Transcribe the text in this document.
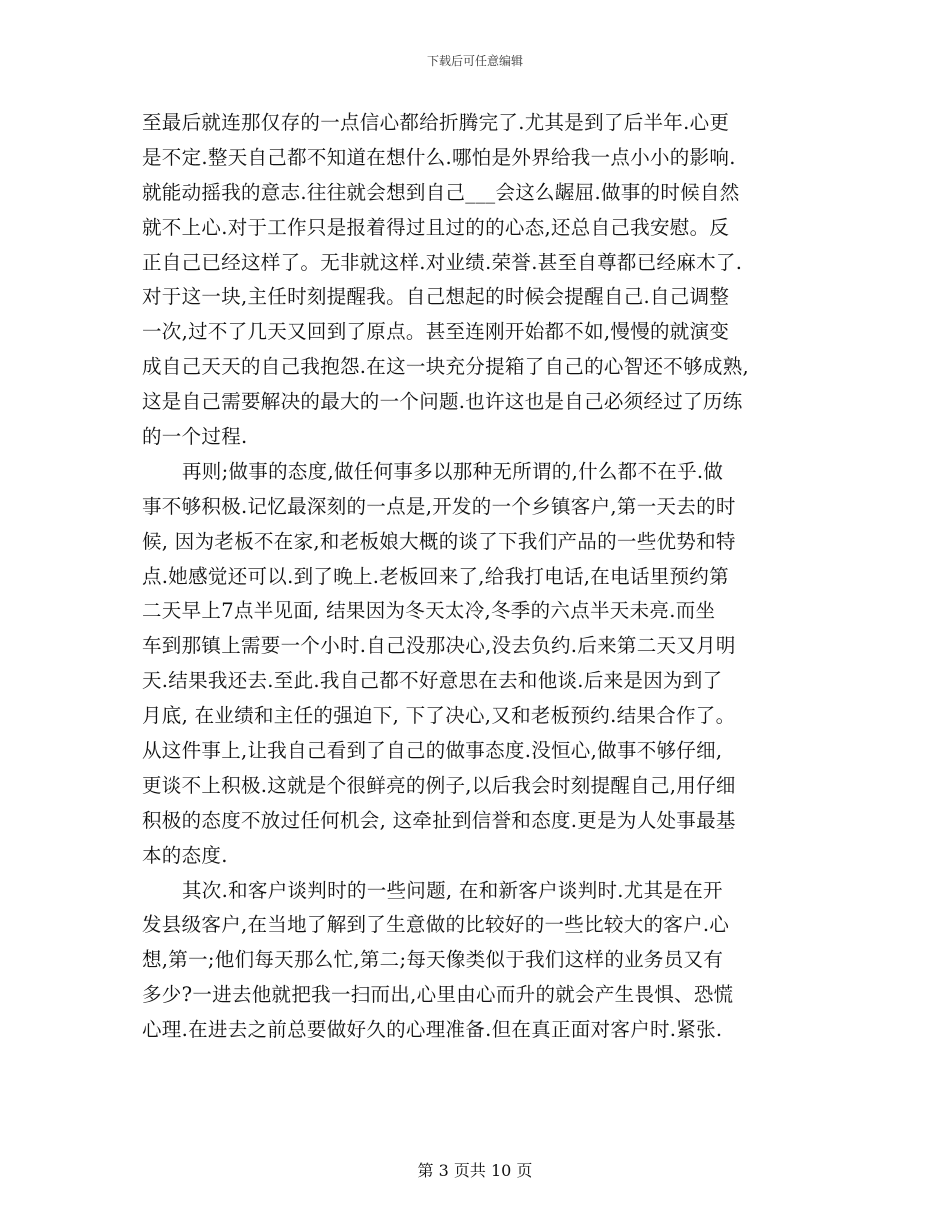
下载后可任意编辑
至最后就连那仅存的一点信心都给折腾完了.尤其是到了后半年.心更
是不定.整天自己都不知道在想什么.哪怕是外界给我一点小小的影响.
就能动摇我的意志.往往就会想到自己___会这么龌屈.做事的时候自然
就不上心.对于工作只是报着得过且过的的心态,还总自己我安慰。反
正自己已经这样了。无非就这样.对业绩.荣誉.甚至自尊都已经麻木了.
对于这一块,主任时刻提醒我。自己想起的时候会提醒自己.自己调整
一次,过不了几天又回到了原点。甚至连刚开始都不如,慢慢的就演变
成自己天天的自己我抱怨.在这一块充分提箱了自己的心智还不够成熟,
这是自己需要解决的最大的一个问题.也许这也是自己必须经过了历练
的一个过程.
再则;做事的态度,做任何事多以那种无所谓的,什么都不在乎.做
事不够积极.记忆最深刻的一点是,开发的一个乡镇客户,第一天去的时
候, 因为老板不在家,和老板娘大概的谈了下我们产品的一些优势和特
点.她感觉还可以.到了晚上.老板回来了,给我打电话,在电话里预约第
二天早上7点半见面, 结果因为冬天太冷,冬季的六点半天未亮.而坐
车到那镇上需要一个小时.自己没那决心,没去负约.后来第二天又月明
天.结果我还去.至此.我自己都不好意思在去和他谈.后来是因为到了
月底, 在业绩和主任的强迫下, 下了决心,又和老板预约.结果合作了。
从这件事上,让我自己看到了自己的做事态度.没恒心,做事不够仔细,
更谈不上积极.这就是个很鲜亮的例子,以后我会时刻提醒自己,用仔细
积极的态度不放过任何机会, 这牵扯到信誉和态度.更是为人处事最基
本的态度.
其次.和客户谈判时的一些问题, 在和新客户谈判时.尤其是在开
发县级客户,在当地了解到了生意做的比较好的一些比较大的客户.心
想,第一;他们每天那么忙,第二;每天像类似于我们这样的业务员又有
多少?一进去他就把我一扫而出,心里由心而升的就会产生畏惧、恐慌
心理.在进去之前总要做好久的心理准备.但在真正面对客户时.紧张.
第 3 页共 10 页
